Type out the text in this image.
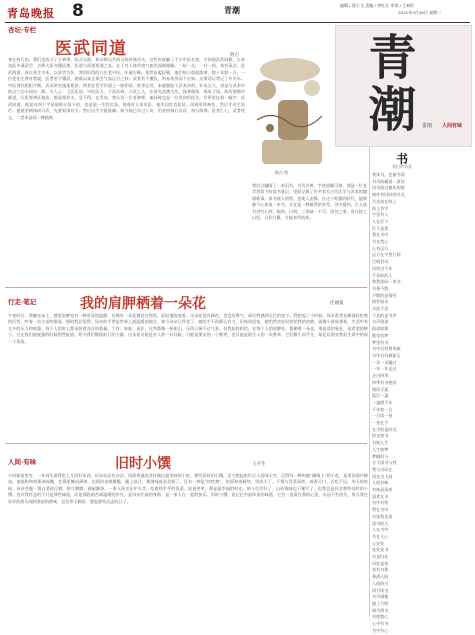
青岛晚报 8	青潮	编辑 / 贾小飞 美编 / 李红芬 审读 / 王林红
2021年9月28日 星期二
杏坛·专栏
医武同道	阿占
身在药行的，我们也练习了少林拳，陈式太极，和众师兄共同习练传统功夫。这些年接触了不少中医名家，才知道医武同源，古来良医多通武学，名师大医亦懂医理。医道与武道相通之处，在于对人体经络气血的深刻理解，一招一式，一针一药，皆有章法。医武两道，皆以养生为本，以济世为怀。我所识得的几位老中医，年逾古稀，依然步履轻健，他们每日晨起练拳，数十年如一日。一位老先生曾对我说，医者若不懂武，便难以真正体会气血运行之妙；武者若不懂医，则易伤身而不自知。这番话让我记了许多年。中医讲究阴阳平衡，武术讲究刚柔相济，两者在哲学层面上一脉相承。推拿正骨，本就脱胎于武术伤科；针灸点穴，更是与武术中的点穴功夫同出一源。古人云：上医医国，中医医人，下医医病。习武之人，亦讲究武德为先，强身健体，保家卫国。练功要循序渐进，行医要辨证施治，都是慢功夫，急不得。在青岛，我认识一位老拳师，他同时也是一位骨伤科医生，诊所里挂着一幅字：医武同道。他说这四个字是他师父留下的，也是他一生的信条。每逢有人来求医，他先问饮食起居，再观形体神色，然后才动手治疗。他说治病如同习武，先要看清对手，然后出手才能准确。如今他已年过八旬，仍坚持每日出诊，每日练拳。医者仁心，武者侠义，二者本是同一种精神。
阿占 绘
青潮	雷雨 人间有味
书
我们的书架
我读书，也被书读
书页间藏着一条河
河水流过童年的窗
窗外有旧时的月光
月光落在纸上
纸上有字
字里有人
人在灯下
灯下是我
我在书中
书在我心
心有远方
远方在字里行间
行间有风
风吹过千年
千年前的人
和我读同一本书
书香不散
不散的是情怀
情怀如水
水流不息
不息的是书声
书声琅琅
琅琅如歌
歌里有梦
梦里有书
书中自有黄金屋
书中自有颜如玉
一页一页翻过
一年一年走过
走过四季
四季有书相伴
相伴不孤
孤灯一盏
一盏照千年
千年如一日
一日读一卷
一卷在手
在手的是时光
时光如书
书如人生
人生如梦
梦醒时分
分不清书与我
我与书同在
同在这人间
人间有味
有味是清欢
清欢在书
书中有我
我在书中
书读我也读
读书的人
人在书中
书在人心
心安处
处处是书
书是归处
归处是家
家有书香
香满人间
人间四月
四月读书
书声满楼
楼上月明
明月照书
书照我心
心中有书
书中有心
我近日翻阅了一本旧书，书页泛黄，字迹依稀可辨。那是一位老学者留下的读书笔记，里面记载了许多有关古代医学与武术的趣闻轶事。读书使人明智，也使人安静。在这个喧嚣的时代，能够静下心来读一本书，实在是一种难得的享受。书中提到，古人读书讲究心到、眼到、口到，三者缺一不可。读书之道，贵在持之以恒，日积月累，方能有所收获。
行走·笔记	我的肩胛栖着一朵花	任丽曼
午夜时分，我躺在床上，感觉肩胛处有一种奇异的温暖，仿佛有一朵花栖息在那里，轻轻地绽放着。这朵花没有颜色，也没有香气，却让我感到无比的安宁。我想起了小时候，母亲常常在睡前轻拍我的后背，哼着一首古老的歌谣。那时我总觉得，母亲的手掌是世界上最温暖的地方。如今母亲已经老了，她的手不再那么有力，但每次回家，她仍然会轻轻拍拍我的肩膀，就像小时候那样。生活中有太多的压力和疲惫，每个人的肩上都承担着各自的重量。工作、家庭、责任，这些都像一座座山，压得人喘不过气来。但我始终相信，在每个人的肩胛处，都栖着一朵花，那是爱的象征，是希望的种子。它在我们最疲惫的时候悄然绽放，给予我们继续前行的力量。这朵花可能是亲人的一句问候，可能是朋友的一个微笑，也可能是陌生人的一次善举。它们微小而平凡，却足以照亮我们生命中的每一个角落。
人间·有味	旧时小馔	王开生
小时候家里穷，一年到头难得吃上几回好东西。但母亲总有办法，用最普通的食材做出最美味的小吃。那些旧时的小馔，至今想起来仍让人回味无穷。记得有一种叫做“糊塌子”的小吃，是用西葫芦擦丝，加面粉和鸡蛋调成糊，在锅里摊成薄饼。出锅时金黄酥脆，蘸上蒜汁，那滋味真是美极了。还有一种是“炒疙瘩”，把面和成硬块，切成小丁，下锅与青菜同炒，咸香可口，百吃不厌。冬天的时候，母亲会做一锅白菜炖豆腐，热气腾腾，满屋飘香。一家人围坐在炉火旁，吃着热乎乎的饭菜，说说笑笑，那是最幸福的时光。如今生活好了，山珍海味也不稀罕了，但我总是怀念那些旧时的小馔。也许我怀念的不只是那些味道，而是那段艰苦却温暖的岁月，是母亲忙碌的身影，是一家人在一起的快乐。旧时小馔，是记忆中最珍贵的味道，它会一直留在我的心里，永远不会消失。每当我在异乡的街头闻到类似的香味，总会停下脚步，想起那些远去的日子。
